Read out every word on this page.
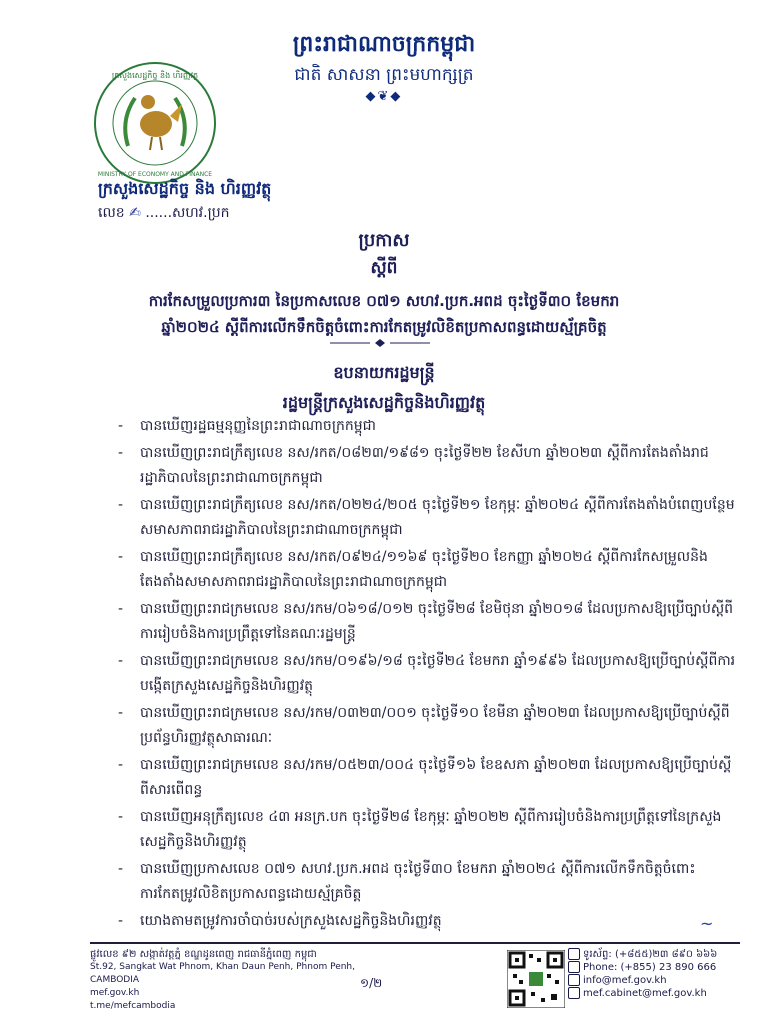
ព្រះរាជាណាចក្រកម្ពុជា
ជាតិ សាសនា ព្រះមហាក្សត្រ
◆❦◆
ក្រសួងសេដ្ឋកិច្ច និង ហិរញ្ញវត្ថុ
MINISTRY OF ECONOMY AND FINANCE
ក្រសួងសេដ្ឋកិច្ច និង ហិរញ្ញវត្ថុ
លេខ ✍ ......សហវ.ប្រក
ប្រកាស
ស្តីពី
ការកែសម្រួលប្រការ៣ នៃប្រកាសលេខ ០៧១ សហវ.ប្រក.អពដ ចុះថ្ងៃទី៣០ ខែមករា
ឆ្នាំ២០២៤ ស្តីពីការលើកទឹកចិត្តចំពោះការកែតម្រូវលិខិតប្រកាសពន្ធដោយស្ម័គ្រចិត្ត
ឧបនាយករដ្ឋមន្ត្រី
រដ្ឋមន្ត្រីក្រសួងសេដ្ឋកិច្ចនិងហិរញ្ញវត្ថុ
- បានឃើញរដ្ឋធម្មនុញ្ញនៃព្រះរាជាណាចក្រកម្ពុជា
- បានឃើញព្រះរាជក្រឹត្យលេខ នស/រកត/០៨២៣/១៩៨១ ចុះថ្ងៃទី២២ ខែសីហា ឆ្នាំ២០២៣ ស្តីពីការតែងតាំងរាជរដ្ឋាភិបាលនៃព្រះរាជាណាចក្រកម្ពុជា
- បានឃើញព្រះរាជក្រឹត្យលេខ នស/រកត/០២២៤/២០៥ ចុះថ្ងៃទី២១ ខែកុម្ភៈ ឆ្នាំ២០២៤ ស្តីពីការតែងតាំងបំពេញបន្ថែមសមាសភាពរាជរដ្ឋាភិបាលនៃព្រះរាជាណាចក្រកម្ពុជា
- បានឃើញព្រះរាជក្រឹត្យលេខ នស/រកត/០៩២៤/១១៦៩ ចុះថ្ងៃទី២០ ខែកញ្ញា ឆ្នាំ២០២៤ ស្តីពីការកែសម្រួលនិងតែងតាំងសមាសភាពរាជរដ្ឋាភិបាលនៃព្រះរាជាណាចក្រកម្ពុជា
- បានឃើញព្រះរាជក្រមលេខ នស/រកម/០៦១៨/០១២ ចុះថ្ងៃទី២៨ ខែមិថុនា ឆ្នាំ២០១៨ ដែលប្រកាសឱ្យប្រើច្បាប់ស្តីពីការរៀបចំនិងការប្រព្រឹត្តទៅនៃគណៈរដ្ឋមន្ត្រី
- បានឃើញព្រះរាជក្រមលេខ នស/រកម/០១៩៦/១៨ ចុះថ្ងៃទី២៤ ខែមករា ឆ្នាំ១៩៩៦ ដែលប្រកាសឱ្យប្រើច្បាប់ស្តីពីការបង្កើតក្រសួងសេដ្ឋកិច្ចនិងហិរញ្ញវត្ថុ
- បានឃើញព្រះរាជក្រមលេខ នស/រកម/០៣២៣/០០១ ចុះថ្ងៃទី១០ ខែមីនា ឆ្នាំ២០២៣ ដែលប្រកាសឱ្យប្រើច្បាប់ស្តីពីប្រព័ន្ធហិរញ្ញវត្ថុសាធារណៈ
- បានឃើញព្រះរាជក្រមលេខ នស/រកម/០៥២៣/០០៤ ចុះថ្ងៃទី១៦ ខែឧសភា ឆ្នាំ២០២៣ ដែលប្រកាសឱ្យប្រើច្បាប់ស្តីពីសារពើពន្ធ
- បានឃើញអនុក្រឹត្យលេខ ៤៣ អនក្រ.បក ចុះថ្ងៃទី២៨ ខែកុម្ភៈ ឆ្នាំ២០២២ ស្តីពីការរៀបចំនិងការប្រព្រឹត្តទៅនៃក្រសួងសេដ្ឋកិច្ចនិងហិរញ្ញវត្ថុ
- បានឃើញប្រកាសលេខ ០៧១ សហវ.ប្រក.អពដ ចុះថ្ងៃទី៣០ ខែមករា ឆ្នាំ២០២៤ ស្តីពីការលើកទឹកចិត្តចំពោះការកែតម្រូវលិខិតប្រកាសពន្ធដោយស្ម័គ្រចិត្ត
- យោងតាមតម្រូវការចាំបាច់របស់ក្រសួងសេដ្ឋកិច្ចនិងហិរញ្ញវត្ថុ	~
ផ្លូវលេខ ៩២ សង្កាត់វត្តភ្នំ ខណ្ឌដូនពេញ រាជធានីភ្នំពេញ កម្ពុជា
St.92, Sangkat Wat Phnom, Khan Daun Penh, Phnom Penh, CAMBODIA
mef.gov.kh
t.me/mefcambodia
១/២
ទូរស័ព្ទ: (+៨៥៥)២៣ ៨៩០ ៦៦៦
Phone: (+855) 23 890 666
info@mef.gov.kh
mef.cabinet@mef.gov.kh
